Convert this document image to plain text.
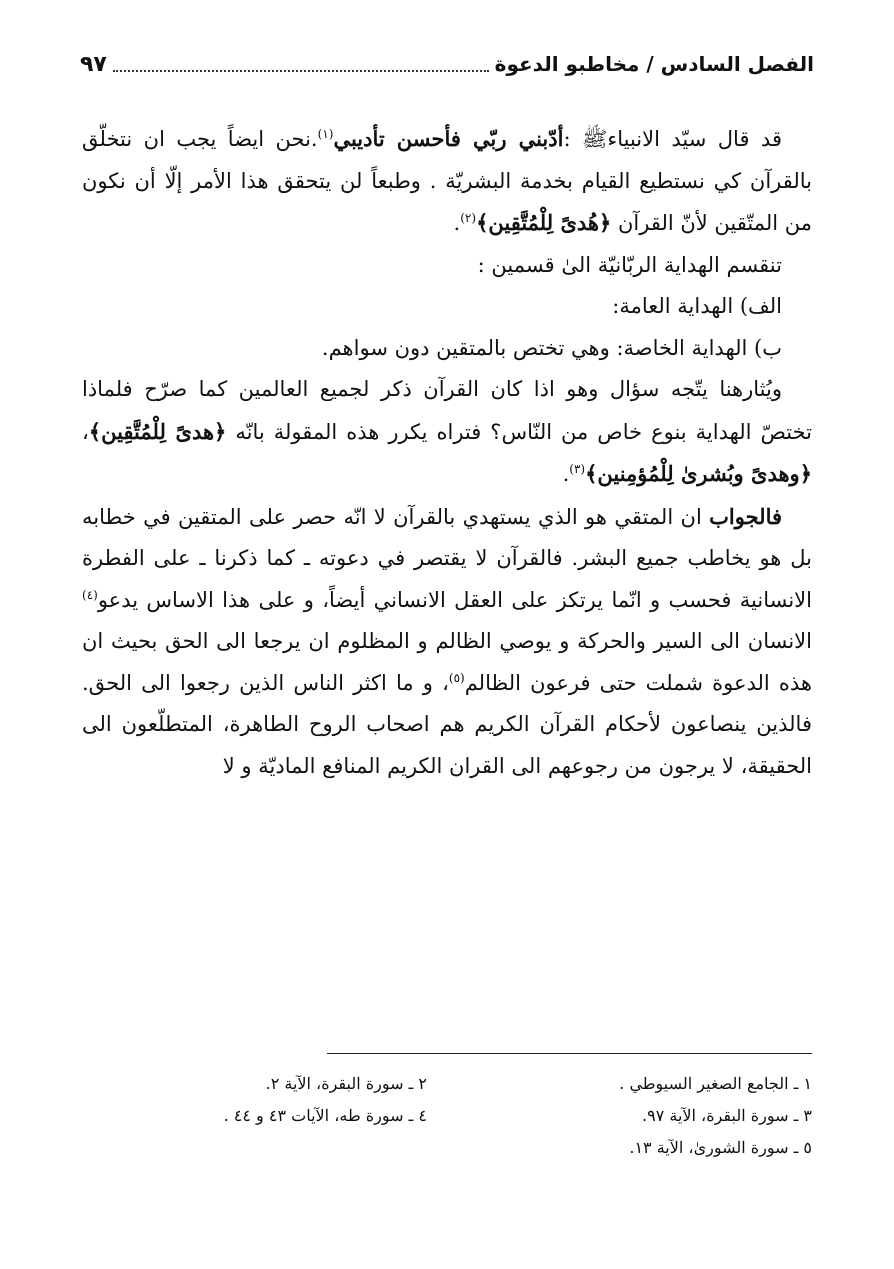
الفصل السادس / مخاطبو الدعوة
٩٧

قد قال سيّد الانبياءﷺ :أدّبني ربّي فأحسن تأديبي$^{(١)}$.نحن ايضاً يجب ان نتخلّق بالقرآن كي نستطيع القيام بخدمة البشريّة . وطبعاً لن يتحقق هذا الأمر إلّا أن نكون من المتّقين لأنّ القرآن ﴿هُدىً لِلْمُتَّقِين﴾$^{(٢)}$.

تنقسم الهداية الربّانيّة الىٰ قسمين :

الف) الهداية العامة:

ب) الهداية الخاصة: وهي تختص بالمتقين دون سواهم.

ويُثارهنا يتّجه سؤال وهو اذا كان القرآن ذكر لجميع العالمين كما صرّح فلماذا تختصّ الهداية بنوع خاص من النّاس؟ فتراه يكرر هذه المقولة بانّه ﴿هدىً لِلْمُتَّقِين﴾، ﴿وهدىً وبُشرىٰ لِلْمُؤمِنين﴾$^{(٣)}$.

فالجواب ان المتقي هو الذي يستهدي بالقرآن لا انّه حصر على المتقين في خطابه بل هو يخاطب جميع البشر. فالقرآن لا يقتصر في دعوته ـ كما ذكرنا ـ على الفطرة الانسانية فحسب و انّما يرتكز على العقل الانساني أيضاً، و على هذا الاساس يدعو$^{(٤)}$ الانسان الى السير والحركة و يوصي الظالم و المظلوم ان يرجعا الى الحق بحيث ان هذه الدعوة شملت حتى فرعون الظالم$^{(٥)}$، و ما اكثر الناس الذين رجعوا الى الحق. فالذين ينصاعون لأحكام القرآن الكريم هم اصحاب الروح الطاهرة، المتطلّعون الى الحقيقة، لا يرجون من رجوعهم الى القران الكريم المنافع الماديّة و لا

١ ـ الجامع الصغير السيوطي .
٢ ـ سورة البقرة، الآية ٢.
٣ ـ سورة البقرة، الآية ٩٧.
٤ ـ سورة طه، الآيات ٤٣ و ٤٤ .
٥ ـ سورة الشورىٰ، الآية ١٣.
